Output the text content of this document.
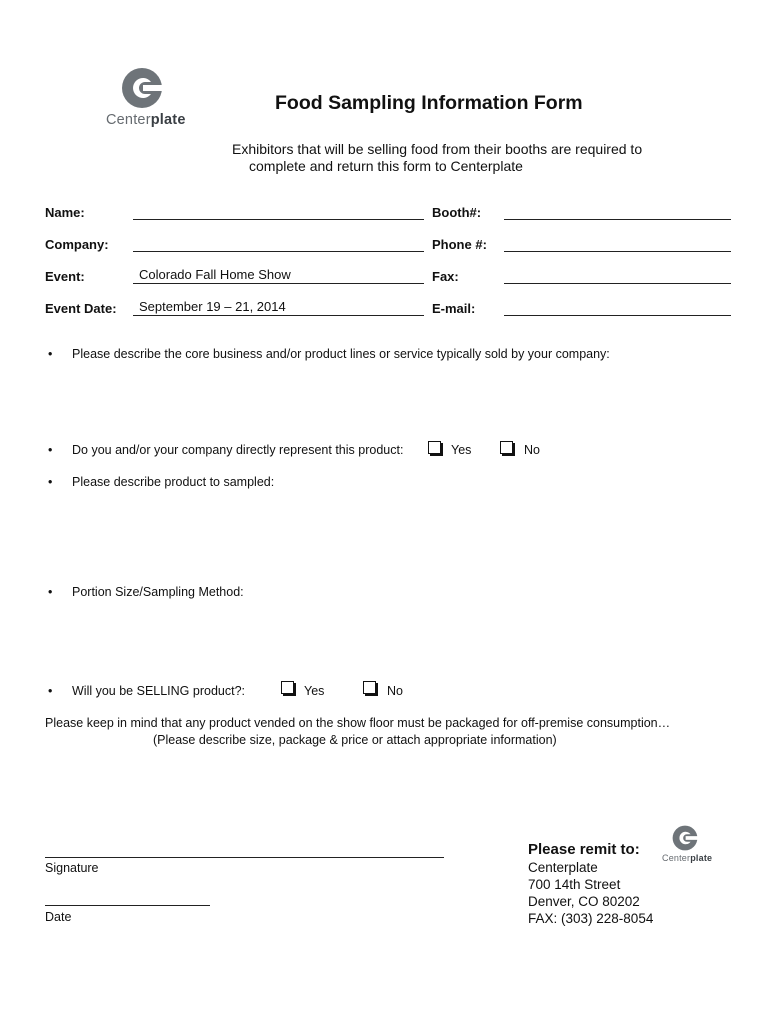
Centerplate
Food Sampling Information Form
Exhibitors that will be selling food from their booths are required to
complete and return this form to Centerplate
Name:	Booth#:
Company:	Phone #:
Event:	Colorado Fall Home Show	Fax:
Event Date:	September 19 – 21, 2014	E-mail:
• Please describe the core business and/or product lines or service typically sold by your company:
• Do you and/or your company directly represent this product:	Yes	No
• Please describe product to sampled:
• Portion Size/Sampling Method:
• Will you be SELLING product?:	Yes	No
Please keep in mind that any product vended on the show floor must be packaged for off-premise consumption…
(Please describe size, package & price or attach appropriate information)
Signature
Date
Please remit to:
Centerplate
700 14th Street
Denver, CO 80202
FAX: (303) 228-8054
Centerplate
